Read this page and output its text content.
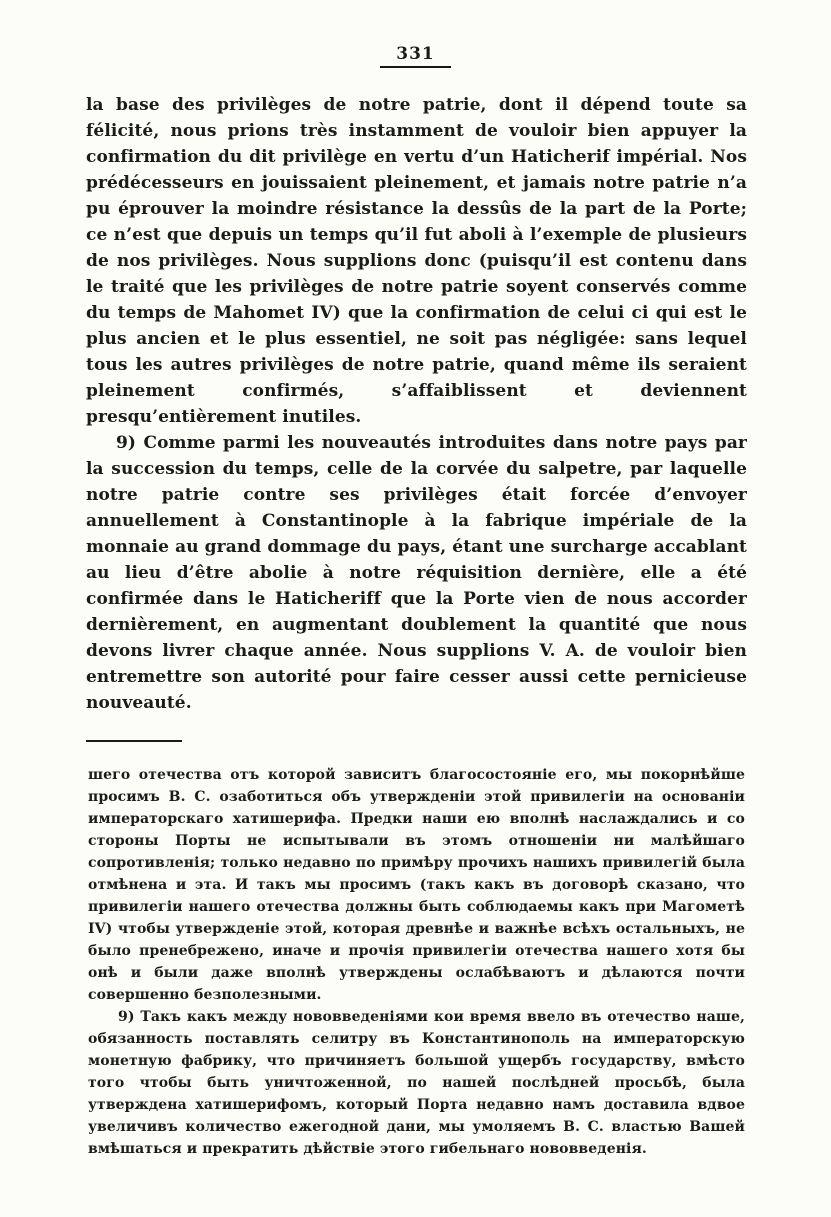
331

la base des privilèges de notre patrie, dont il dépend toute sa félicité, nous prions très instamment de vouloir bien appuyer la confirmation du dit privilège en vertu d’un Haticherif impérial. Nos prédécesseurs en jouissaient pleinement, et jamais notre patrie n’a pu éprouver la moindre résistance la dessûs de la part de la Porte; ce n’est que depuis un temps qu’il fut aboli à l’exemple de plusieurs de nos privilèges. Nous supplions donc (puisqu’il est contenu dans le traité que les privilèges de notre patrie soyent conservés comme du temps de Mahomet IV) que la confirmation de celui ci qui est le plus ancien et le plus essentiel, ne soit pas négligée: sans lequel tous les autres privilèges de notre patrie, quand même ils seraient pleinement confirmés, s’affaiblissent et deviennent presqu’entièrement inutiles.

9) Comme parmi les nouveautés introduites dans notre pays par la succession du temps, celle de la corvée du salpetre, par laquelle notre patrie contre ses privilèges était forcée d’envoyer annuellement à Constantinople à la fabrique impériale de la monnaie au grand dommage du pays, étant une surcharge accablant au lieu d’être abolie à notre réquisition dernière, elle a été confirmée dans le Haticheriff que la Porte vien de nous accorder dernièrement, en augmentant doublement la quantité que nous devons livrer chaque année. Nous supplions V. A. de vouloir bien entremettre son autorité pour faire cesser aussi cette pernicieuse nouveauté.

шего отечества отъ которой зависитъ благосостояніе его, мы покорнѣйше просимъ В. С. озаботиться объ утвержденіи этой привилегіи на основаніи императорскаго хатишерифа. Предки наши ею вполнѣ наслаждались и со стороны Порты не испытывали въ этомъ отношеніи ни малѣйшаго сопротивленія; только недавно по примѣру прочихъ нашихъ привилегій была отмѣнена и эта. И такъ мы просимъ (такъ какъ въ договорѣ сказано, что привилегіи нашего отечества должны быть соблюдаемы какъ при Магометѣ IV) чтобы утвержденіе этой, которая древнѣе и важнѣе всѣхъ остальныхъ, не было пренебрежено, иначе и прочія привилегіи отечества нашего хотя бы онѣ и были даже вполнѣ утверждены ослабѣваютъ и дѣлаются почти совершенно безполезными.

9) Такъ какъ между нововведеніями кои время ввело въ отечество наше, обязанность поставлять селитру въ Константинополь на императорскую монетную фабрику, что причиняетъ большой ущербъ государству, вмѣсто того чтобы быть уничтоженной, по нашей послѣдней просьбѣ, была утверждена хатишерифомъ, который Порта недавно намъ доставила вдвое увеличивъ количество ежегодной дани, мы умоляемъ В. С. властью Вашей вмѣшаться и прекратить дѣйствіе этого гибельнаго нововведенія.
